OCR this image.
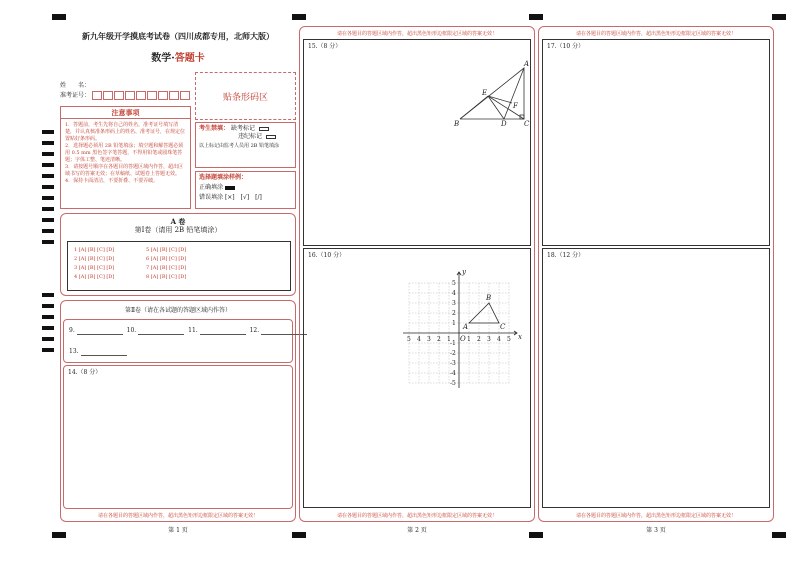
新九年级开学摸底考试卷（四川成都专用，北师大版）
数学·答题卡
姓　　名：
准考证号：	贴条形码区
注意事项
1．答题前，考生先将自己的姓名，准考证号填写清楚，并认真核准条形码上的姓名、准考证号，在规定位置贴好条形码。
2．选择题必须用 2B 铅笔填涂；填空题和解答题必须用 0.5 mm 黑色签字笔答题，不得用铅笔或圆珠笔答题；字体工整、笔迹清晰。
3．请按题号顺序在各题目的答题区域内作答，超出区域书写的答案无效；在草稿纸、试题卷上答题无效。
4．保持卡面清洁，不要折叠、不要弄破。
考生禁填： 缺考标记
违纪标记
以上标记由监考人员用 2B 铅笔填涂
选择题填涂样例：
正确填涂
错误填涂 [×]　[√]　[/]
A 卷
第Ⅰ卷（请用 2B 铅笔填涂）
1 [A] [B] [C] [D]
2 [A] [B] [C] [D]
3 [A] [B] [C] [D]
4 [A] [B] [C] [D]
5 [A] [B] [C] [D]
6 [A] [B] [C] [D]
7 [A] [B] [C] [D]
8 [A] [B] [C] [D]
第Ⅱ卷（请在各试题的答题区域内作答）
9.	10.	11.	12.
13.
14.（8 分）
请在各题目的答题区域内作答，超出黑色矩形边框限定区域的答案无效！
第 1 页
请在各题目的答题区域内作答，超出黑色矩形边框限定区域的答案无效！
15.（8 分）
A
B	C
D
E
F
16.（10 分）
5 4 3 2 1	1 2 3 4 5
5
4
3
2
1
-1
-2
-3
-4
-5
O	x
y
A
B
C
请在各题目的答题区域内作答，超出黑色矩形边框限定区域的答案无效！
第 2 页
请在各题目的答题区域内作答，超出黑色矩形边框限定区域的答案无效！
17.（10 分）
18.（12 分）
请在各题目的答题区域内作答，超出黑色矩形边框限定区域的答案无效！
第 3 页
